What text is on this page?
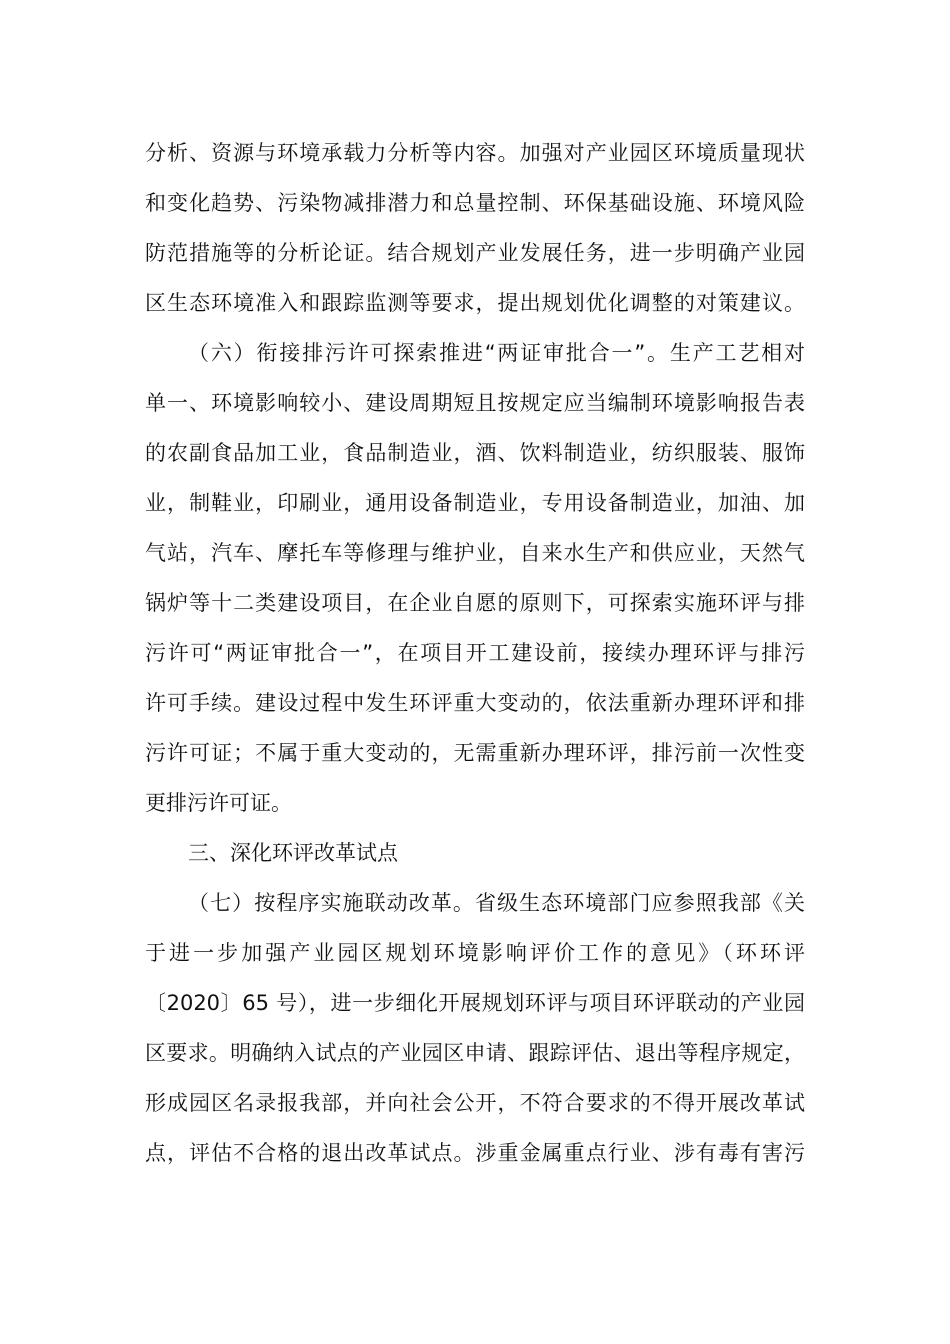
分析、资源与环境承载力分析等内容。加强对产业园区环境质量现状
和变化趋势、污染物减排潜力和总量控制、环保基础设施、环境风险
防范措施等的分析论证。结合规划产业发展任务，进一步明确产业园
区生态环境准入和跟踪监测等要求，提出规划优化调整的对策建议。
（六）衔接排污许可探索推进“两证审批合一”。生产工艺相对
单一、环境影响较小、建设周期短且按规定应当编制环境影响报告表
的农副食品加工业，食品制造业，酒、饮料制造业，纺织服装、服饰
业，制鞋业，印刷业，通用设备制造业，专用设备制造业，加油、加
气站，汽车、摩托车等修理与维护业，自来水生产和供应业，天然气
锅炉等十二类建设项目，在企业自愿的原则下，可探索实施环评与排
污许可“两证审批合一”，在项目开工建设前，接续办理环评与排污
许可手续。建设过程中发生环评重大变动的，依法重新办理环评和排
污许可证；不属于重大变动的，无需重新办理环评，排污前一次性变
更排污许可证。
三、深化环评改革试点
（七）按程序实施联动改革。省级生态环境部门应参照我部《关
于进一步加强产业园区规划环境影响评价工作的意见》（环环评
〔2020〕65 号），进一步细化开展规划环评与项目环评联动的产业园
区要求。明确纳入试点的产业园区申请、跟踪评估、退出等程序规定，
形成园区名录报我部，并向社会公开，不符合要求的不得开展改革试
点，评估不合格的退出改革试点。涉重金属重点行业、涉有毒有害污
